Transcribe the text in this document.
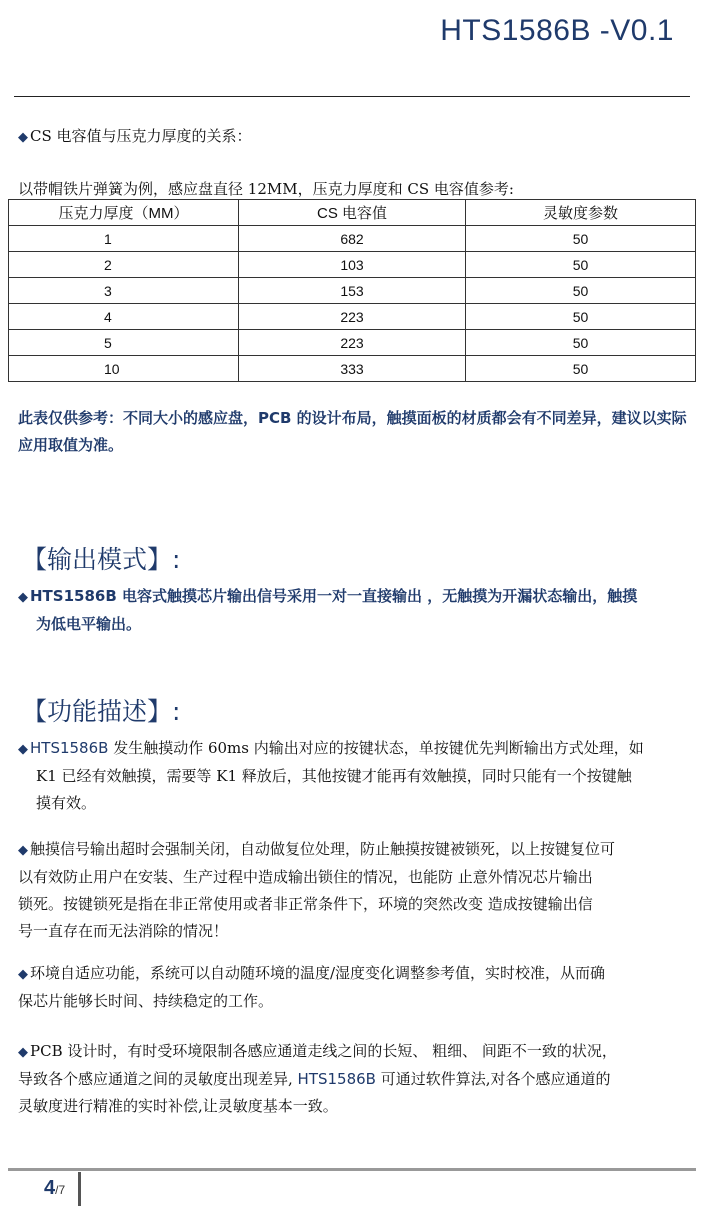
HTS1586B -V0.1
◆ CS 电容值与压克力厚度的关系：
以带帽铁片弹簧为例，感应盘直径 12MM，压克力厚度和 CS 电容值参考:
压克力厚度（MM）	CS 电容值	灵敏度参数
1	682	50
2	103	50
3	153	50
4	223	50
5	223	50
10	333	50
此表仅供参考：不同大小的感应盘，PCB 的设计布局，触摸面板的材质都会有不同差异，建议以实际应用取值为准。
【输出模式】:
◆ HTS1586B 电容式触摸芯片输出信号采用一对一直接输出 ，无触摸为开漏状态输出，触摸
为低电平输出。
【功能描述】:
◆ HTS1586B 发生触摸动作 60ms 内输出对应的按键状态，单按键优先判断输出方式处理，如
K1 已经有效触摸，需要等 K1 释放后，其他按键才能再有效触摸，同时只能有一个按键触
摸有效。
◆ 触摸信号输出超时会强制关闭，自动做复位处理，防止触摸按键被锁死，以上按键复位可
以有效防止用户在安装、生产过程中造成输出锁住的情况，也能防 止意外情况芯片输出
锁死。按键锁死是指在非正常使用或者非正常条件下，环境的突然改变 造成按键输出信
号一直存在而无法消除的情况！
◆ 环境自适应功能，系统可以自动随环境的温度/湿度变化调整参考值，实时校准，从而确
保芯片能够长时间、持续稳定的工作。
◆ PCB 设计时，有时受环境限制各感应通道走线之间的长短、 粗细、 间距不一致的状况，
导致各个感应通道之间的灵敏度出现差异, HTS1586B 可通过软件算法,对各个感应通道的
灵敏度进行精准的实时补偿,让灵敏度基本一致。
4/7
